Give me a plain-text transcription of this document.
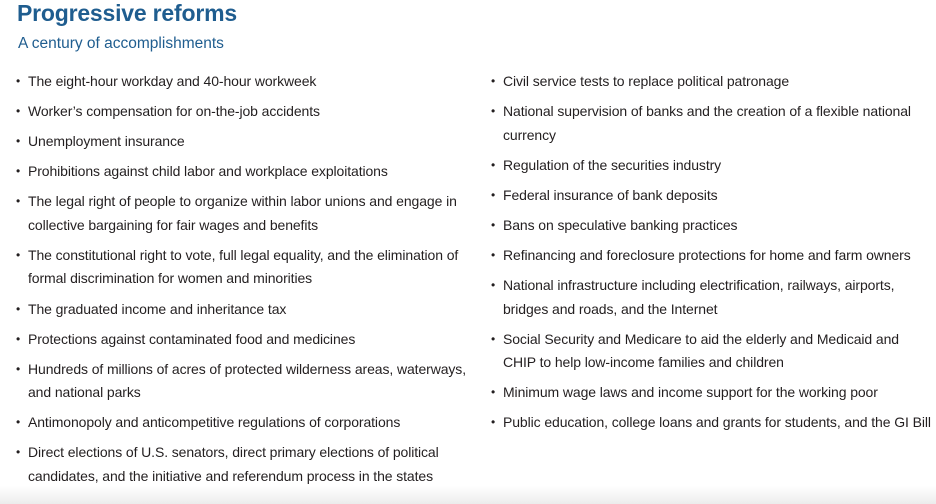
Progressive reforms
A century of accomplishments
• The eight-hour workday and 40-hour workweek
• Worker’s compensation for on-the-job accidents
• Unemployment insurance
• Prohibitions against child labor and workplace exploitations
• The legal right of people to organize within labor unions and engage in collective bargaining for fair wages and benefits
• The constitutional right to vote, full legal equality, and the elimination of formal discrimination for women and minorities
• The graduated income and inheritance tax
• Protections against contaminated food and medicines
• Hundreds of millions of acres of protected wilderness areas, waterways, and national parks
• Antimonopoly and anticompetitive regulations of corporations
• Direct elections of U.S. senators, direct primary elections of political candidates, and the initiative and referendum process in the states
• Civil service tests to replace political patronage
• National supervision of banks and the creation of a flexible national currency
• Regulation of the securities industry
• Federal insurance of bank deposits
• Bans on speculative banking practices
• Refinancing and foreclosure protections for home and farm owners
• National infrastructure including electrification, railways, airports, bridges and roads, and the Internet
• Social Security and Medicare to aid the elderly and Medicaid and CHIP to help low-income families and children
• Minimum wage laws and income support for the working poor
• Public education, college loans and grants for students, and the GI Bill
